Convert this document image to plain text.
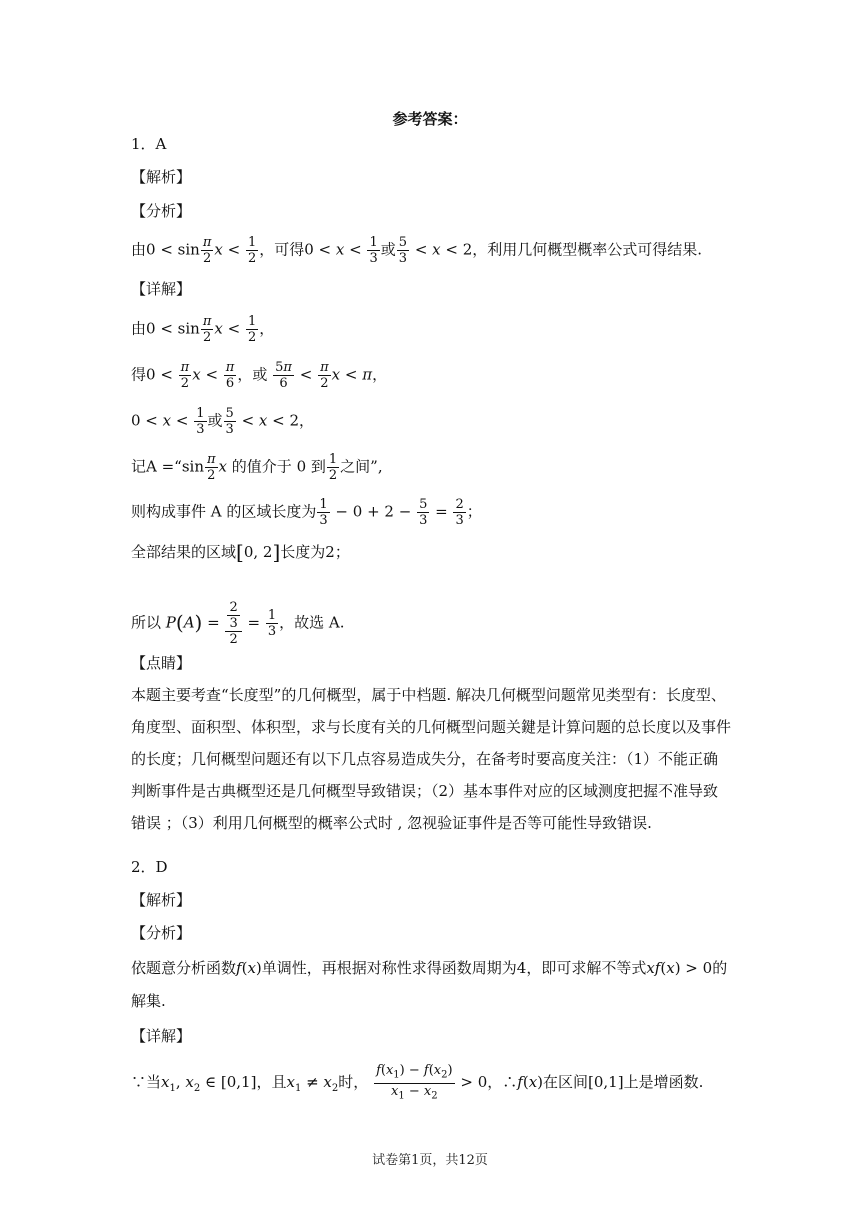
参考答案：
1．A
【解析】
【分析】
由$0 < \sin \frac{\pi}{2}$ $x < \frac{1}{2}$ ，可得$0 < x < \frac{1}{3}$ 或 $\frac{5}{3} < x < 2$，利用几何概型概率公式可得结果.
【详解】
由$0 < \sin \frac{\pi}{2}$ $x < \frac{1}{2}$ ，
得$0 < \frac{\pi}{2}$ $x < \frac{\pi}{6}$ ，或 $\frac{5\pi}{6} < \frac{\pi}{2}$ x < π，
$0 < x < \frac{1}{3}$ 或 $\frac{5}{3} < x < 2$，
记A =“sin $\frac{\pi}{2}$ x 的值介于 0 到 $\frac{1}{2}$ 之间”,
则构成事件 A 的区域长度为 $\frac{1}{3} - 0 + 2 - \frac{5}{3} = \frac{2}{3}$ ；
全部结果的区域[0, 2]长度为2；
所以 $P(A) = \frac{\frac{2}{3}}{2} = \frac{1}{3}$ ，故选 A.
【点睛】
本题主要考查“长度型”的几何概型，属于中档题. 解决几何概型问题常见类型有：长度型、角度型、面积型、体积型，求与长度有关的几何概型问题关鍵是计算问题的总长度以及事件的长度；几何概型问题还有以下几点容易造成失分，在备考时要高度关注：（1）不能正确判断事件是古典概型还是几何概型导致错误；（2）基本事件对应的区域测度把握不准导致错误 ；（3）利用几何概型的概率公式时 , 忽视验证事件是否等可能性导致错误.
2．D
【解析】
【分析】
依题意分析函数f(x)单调性，再根据对称性求得函数周期为4，即可求解不等式xf(x) > 0的
解集.
【详解】
∵当$x_1$, $x_2$ ∈ [0,1]，且$x_1 \ne x_2$时， $\frac{f(x_1) - f(x_2)}{x_1 - x_2} > 0$，∴f(x)在区间[0,1]上是增函数.
试卷第1页，共12页
